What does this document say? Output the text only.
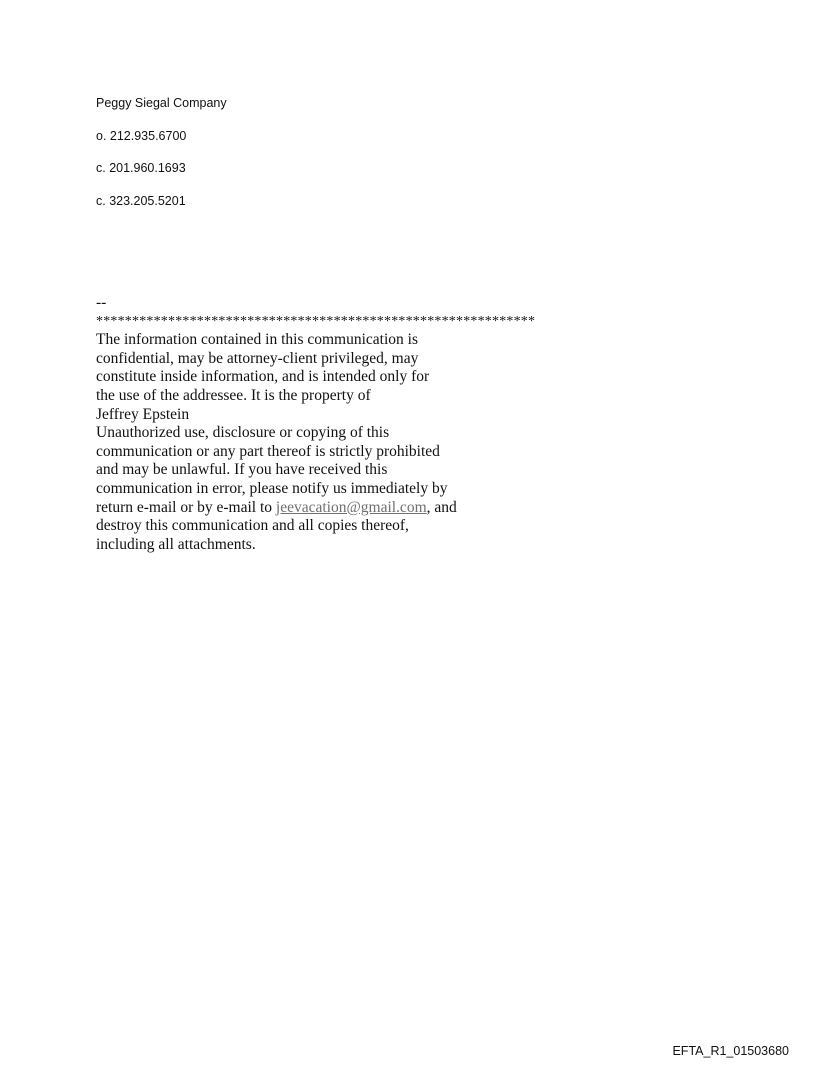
Peggy Siegal Company
o. 212.935.6700
c. 201.960.1693
c. 323.205.5201
--
*************************************************************
The information contained in this communication is
confidential, may be attorney-client privileged, may
constitute inside information, and is intended only for
the use of the addressee. It is the property of
Jeffrey Epstein
Unauthorized use, disclosure or copying of this
communication or any part thereof is strictly prohibited
and may be unlawful. If you have received this
communication in error, please notify us immediately by
return e-mail or by e-mail to jeevacation@gmail.com, and
destroy this communication and all copies thereof,
including all attachments.
EFTA_R1_01503680
